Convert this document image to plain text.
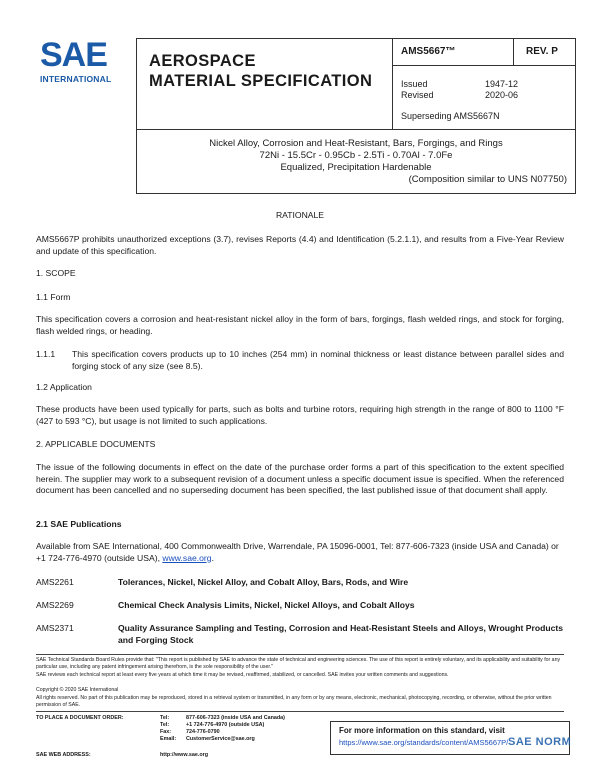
SAE
INTERNATIONAL
AEROSPACE
MATERIAL SPECIFICATION
AMS5667™	REV. P
Issued	1947-12
Revised	2020-06
Superseding AMS5667N
Nickel Alloy, Corrosion and Heat-Resistant, Bars, Forgings, and Rings
72Ni - 15.5Cr - 0.95Cb - 2.5Ti - 0.70Al - 7.0Fe
Equalized, Precipitation Hardenable
(Composition similar to UNS N07750)
RATIONALE
AMS5667P prohibits unauthorized exceptions (3.7), revises Reports (4.4) and Identification (5.2.1.1), and results from a Five-Year Review and update of this specification.
1. SCOPE
1.1 Form
This specification covers a corrosion and heat-resistant nickel alloy in the form of bars, forgings, flash welded rings, and stock for forging, flash welded rings, or heading.
1.1.1	This specification covers products up to 10 inches (254 mm) in nominal thickness or least distance between parallel sides and forging stock of any size (see 8.5).
1.2 Application
These products have been used typically for parts, such as bolts and turbine rotors, requiring high strength in the range of 800 to 1100 °F (427 to 593 °C), but usage is not limited to such applications.
2. APPLICABLE DOCUMENTS
The issue of the following documents in effect on the date of the purchase order forms a part of this specification to the extent specified herein. The supplier may work to a subsequent revision of a document unless a specific document issue is specified. When the referenced document has been cancelled and no superseding document has been specified, the last published issue of that document shall apply.
2.1 SAE Publications
Available from SAE International, 400 Commonwealth Drive, Warrendale, PA 15096-0001, Tel: 877-606-7323 (inside USA and Canada) or +1 724-776-4970 (outside USA), www.sae.org.
AMS2261	Tolerances, Nickel, Nickel Alloy, and Cobalt Alloy, Bars, Rods, and Wire
AMS2269	Chemical Check Analysis Limits, Nickel, Nickel Alloys, and Cobalt Alloys
AMS2371	Quality Assurance Sampling and Testing, Corrosion and Heat-Resistant Steels and Alloys, Wrought Products and Forging Stock
SAE Technical Standards Board Rules provide that: "This report is published by SAE to advance the state of technical and engineering sciences. The use of this report is entirely voluntary, and its applicability and suitability for any particular use, including any patent infringement arising therefrom, is the sole responsibility of the user."
SAE reviews each technical report at least every five years at which time it may be revised, reaffirmed, stabilized, or cancelled. SAE invites your written comments and suggestions.
Copyright © 2020 SAE International
All rights reserved. No part of this publication may be reproduced, stored in a retrieval system or transmitted, in any form or by any means, electronic, mechanical, photocopying, recording, or otherwise, without the prior written permission of SAE.
TO PLACE A DOCUMENT ORDER:	Tel:	877-606-7323 (inside USA and Canada)
Tel:	+1 724-776-4970 (outside USA)
Fax:	724-776-0790
Email: CustomerService@sae.org
SAE WEB ADDRESS:	http://www.sae.org
For more information on this standard, visit
https://www.sae.org/standards/content/AMS5667P/ SAE NORM
